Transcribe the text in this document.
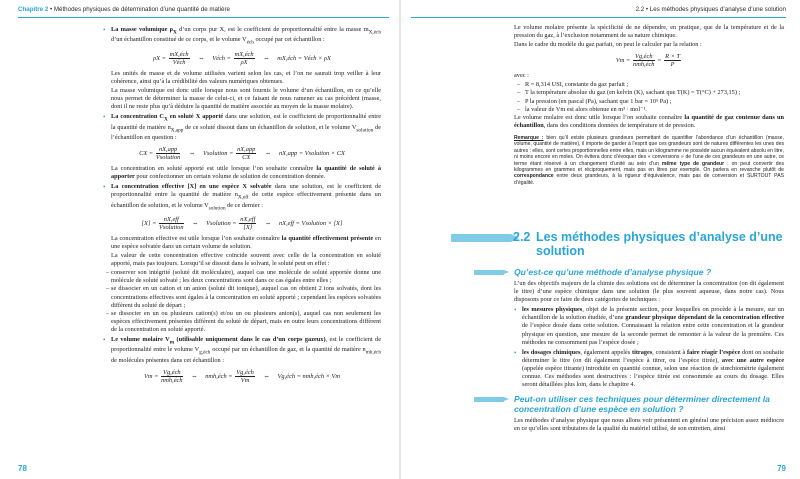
Chapitre 2 • Méthodes physiques de détermination d’une quantité de matière

• La masse volumique $\rho_X$ d’un corps pur X, est le coefficient de proportionnalité entre la masse $m_{X,éch}$ d’un échantillon constitué de ce corps, et le volume $V_{éch}$ occupé par cet échantillon :

$\rho X = \frac{\text{mX,éch}}{\text{Véch}}$ ⇔ Véch = $\frac{\text{mX,éch}}{\rho X}$ ⇔ mX,éch = Véch × ρX

Les unités de masse et de volume utilisées varient selon les cas, et l’on ne saurait trop veiller à leur cohérence, ainsi qu’à la crédibilité des valeurs numériques obtenues.

La masse volumique est donc utile lorsque nous sont fournis le volume d’un échantillon, en ce qu’elle nous permet de déterminer la masse de celui-ci, et ce faisant de nous ramener au cas précédent (masse, dont il ne reste plus qu’à déduire la quantité de matière associée au moyen de la masse molaire).

• La concentration $C_X$ en soluté X apporté dans une solution, est le coefficient de proportionnalité entre la quantité de matière $n_{X,app}$ de ce soluté dissout dans un échantillon de solution, et le volume $V_{solution}$ de l’échantillon en question :

CX = $\frac{\text{nX,app}}{\text{Vsolution}}$ ⇔ Vsolution = $\frac{\text{nX,app}}{CX}$ ⇔ nX,app = Vsolution × CX

La concentration en soluté apporté est utile lorsque l’on souhaite connaître la quantité de soluté à apporter pour confectionner un certain volume de solution de concentration donnée.

• La concentration effective [X] en une espèce X solvatée dans une solution, est le coefficient de proportionnalité entre la quantité de matière $n_{X,eff}$ de cette espèce effectivement présente dans un échantillon de solution, et le volume $V_{solution}$ de ce dernier :

$[X] = \frac{\text{nX,eff}}{\text{Vsolution}}$ ⇔ Vsolution = $\frac{\text{nX,eff}}{[X]}$ ⇔ nX,eff = Vsolution × [X]

La concentration effective est utile lorsque l’on souhaite connaître la quantité effectivement présente en une espèce solvatée dans un certain volume de solution.

La valeur de cette concentration effective coïncide souvent avec celle de la concentration en soluté apporté, mais pas toujours. Lorsqu’il se dissout dans le solvant, le soluté peut en effet :

– conserver son intégrité (soluté dit moléculaire), auquel cas une molécule de soluté apportée donne une molécule de soluté solvaté ; les deux concentrations sont dans ce cas égales entre elles ;

– se dissocier en un cation et un anion (soluté dit ionique), auquel cas on obtient 2 ions solvatés, dont les concentrations effectives sont égales à la concentration en soluté apporté ; cependant les espèces solvatées diffèrent du soluté de départ ;

– se dissocier en un ou plusieurs cation(s) et/ou un ou plusieurs anion(s), auquel cas non seulement les espèces effectivement présentes diffèrent du soluté de départ, mais en outre leurs concentrations diffèrent de la concentration en soluté apporté.

• Le volume molaire $V_m$ (utilisable uniquement dans le cas d’un corps gazeux), est le coefficient de proportionnalité entre le volume $V_{g,éch}$ occupé par un échantillon de gaz, et la quantité de matière $n_{mh,éch}$ de molécules présentes dans cet échantillon :

$Vm = \frac{\text{Vg,éch}}{\text{nmh,éch}}$ ⇔ nmh,éch = $\frac{\text{Vg,éch}}{Vm}$ ⇔ Vg,éch = nmh,éch × Vm
78
2.2 • Les méthodes physiques d’analyse d’une solution

Le volume molaire présente la spécificité de ne dépendre, en pratique, que de la température et de la pression du gaz, à l’exclusion notamment de sa nature chimique.

Dans le cadre du modèle du gaz parfait, on peut le calculer par la relation :

$Vm = \frac{\text{Vg,éch}}{\text{nmh,éch}} = \frac{R \times T}{P}$

avec :

– R = 8,314 USI, constante du gaz parfait ;

– T la température absolue du gaz (en kelvin (K), sachant que T(K) = T(°C) + 273,15) ;

– P la pression (en pascal (Pa), sachant que 1 bar = 10⁵ Pa) ;

– la valeur de Vm est alors obtenue en m³ · mol⁻¹.

Le volume molaire est donc utile lorsque l’on souhaite connaître la quantité de gaz contenue dans un échantillon, dans des conditions données de température et de pression.

Remarque : bien qu’il existe plusieurs grandeurs permettant de quantifier l’abondance d’un échantillon (masse, volume, quantité de matière), il importe de garder à l’esprit que ces grandeurs sont de natures différentes les unes des autres : elles, sont certes proportionnelles entre elles, mais un kilogramme ne possède aucun équivalent absolu en litre, ni moins encore en moles. On évitera donc d’évoquer des « conversions » de l’une de ces grandeurs en une autre, ce terme étant réservé à un changement d’unité au sein d’un même type de grandeur : on peut convertir des kilogrammes en grammes et réciproquement, mais pas en litres par exemple. On parlera en revanche plutôt de correspondance entre deux grandeurs, à la rigueur d’équivalence, mais pas de conversion et SURTOUT PAS d’égalité.

2.2 Les méthodes physiques d’analyse d’une solution

Qu’est-ce qu’une méthode d’analyse physique ?

L’un des objectifs majeurs de la chimie des solutions est de déterminer la concentration (on dit également le titre) d’une espèce chimique dans une solution (le plus souvent aqueuse, dans notre cas). Nous disposons pour ce faire de deux catégories de techniques :

• les mesures physiques, objet de la présente section, pour lesquelles on procède à la mesure, sur un échantillon de la solution étudiée, d’une grandeur physique dépendant de la concentration effective de l’espèce dosée dans cette solution. Connaissant la relation entre cette concentration et la grandeur physique en question, une mesure de la seconde permet de remonter à la valeur de la première. Ces méthodes ne consomment pas l’espèce dosée ;

• les dosages chimiques, également appelés titrages, consistent à faire réagir l’espèce dont on souhaite déterminer le titre (on dit également l’espèce à titrer, ou l’espèce titrée), avec une autre espèce (appelée espèce titrante) introduite en quantité connue, selon une réaction de stœchiométrie également connue. Ces méthodes sont destructives : l’espèce titrée est consommée au cours du dosage. Elles seront détaillées plus loin, dans le chapitre 4.

Peut-on utiliser ces techniques pour déterminer directement la concentration d’une espèce en solution ?

Les méthodes d’analyse physique que nous allons voir présentent en général une précision assez médiocre en ce qu’elles sont tributaires de la qualité du matériel utilisé, de son entretien, ainsi

79
